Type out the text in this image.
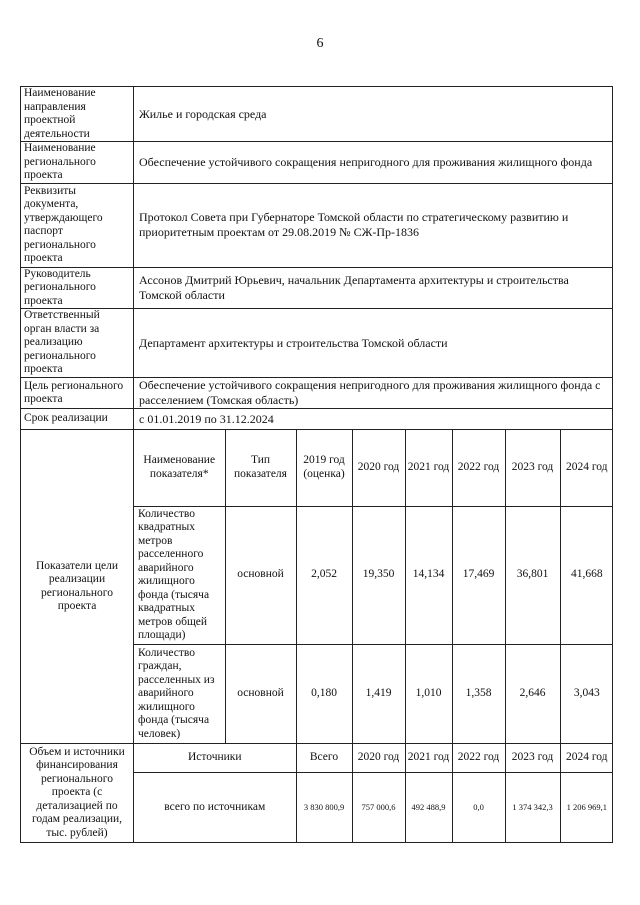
6
Наименование направления проектной деятельности	Жилье и городская среда
Наименование регионального проекта	Обеспечение устойчивого сокращения непригодного для проживания жилищного фонда
Реквизиты документа, утверждающего паспорт регионального проекта	Протокол Совета при Губернаторе Томской области по стратегическому развитию и приоритетным проектам от 29.08.2019 № СЖ-Пр-1836
Руководитель регионального проекта	Ассонов Дмитрий Юрьевич, начальник Департамента архитектуры и строительства Томской области
Ответственный орган власти за реализацию регионального проекта	Департамент архитектуры и строительства Томской области
Цель регионального проекта	Обеспечение устойчивого сокращения непригодного для проживания жилищного фонда с расселением (Томская область)
Срок реализации	с 01.01.2019 по 31.12.2024
Показатели цели реализации регионального проекта	
Наименование показателя*	Тип показателя	2019 год (оценка)	2020 год	2021 год	2022 год	2023 год	2024 год
Количество квадратных метров расселенного аварийного жилищного фонда (тысяча квадратных метров общей площади)	основной	2,052	19,350	14,134	17,469	36,801	41,668
Количество граждан, расселенных из аварийного жилищного фонда (тысяча человек)	основной	0,180	1,419	1,010	1,358	2,646	3,043

Объем и источники финансирования регионального проекта (с детализацией по годам реализации, тыс. рублей)	
Источники	Всего	2020 год	2021 год	2022 год	2023 год	2024 год
всего по источникам	3 830 800,9	757 000,6	492 488,9	0,0	1 374 342,3	1 206 969,1
